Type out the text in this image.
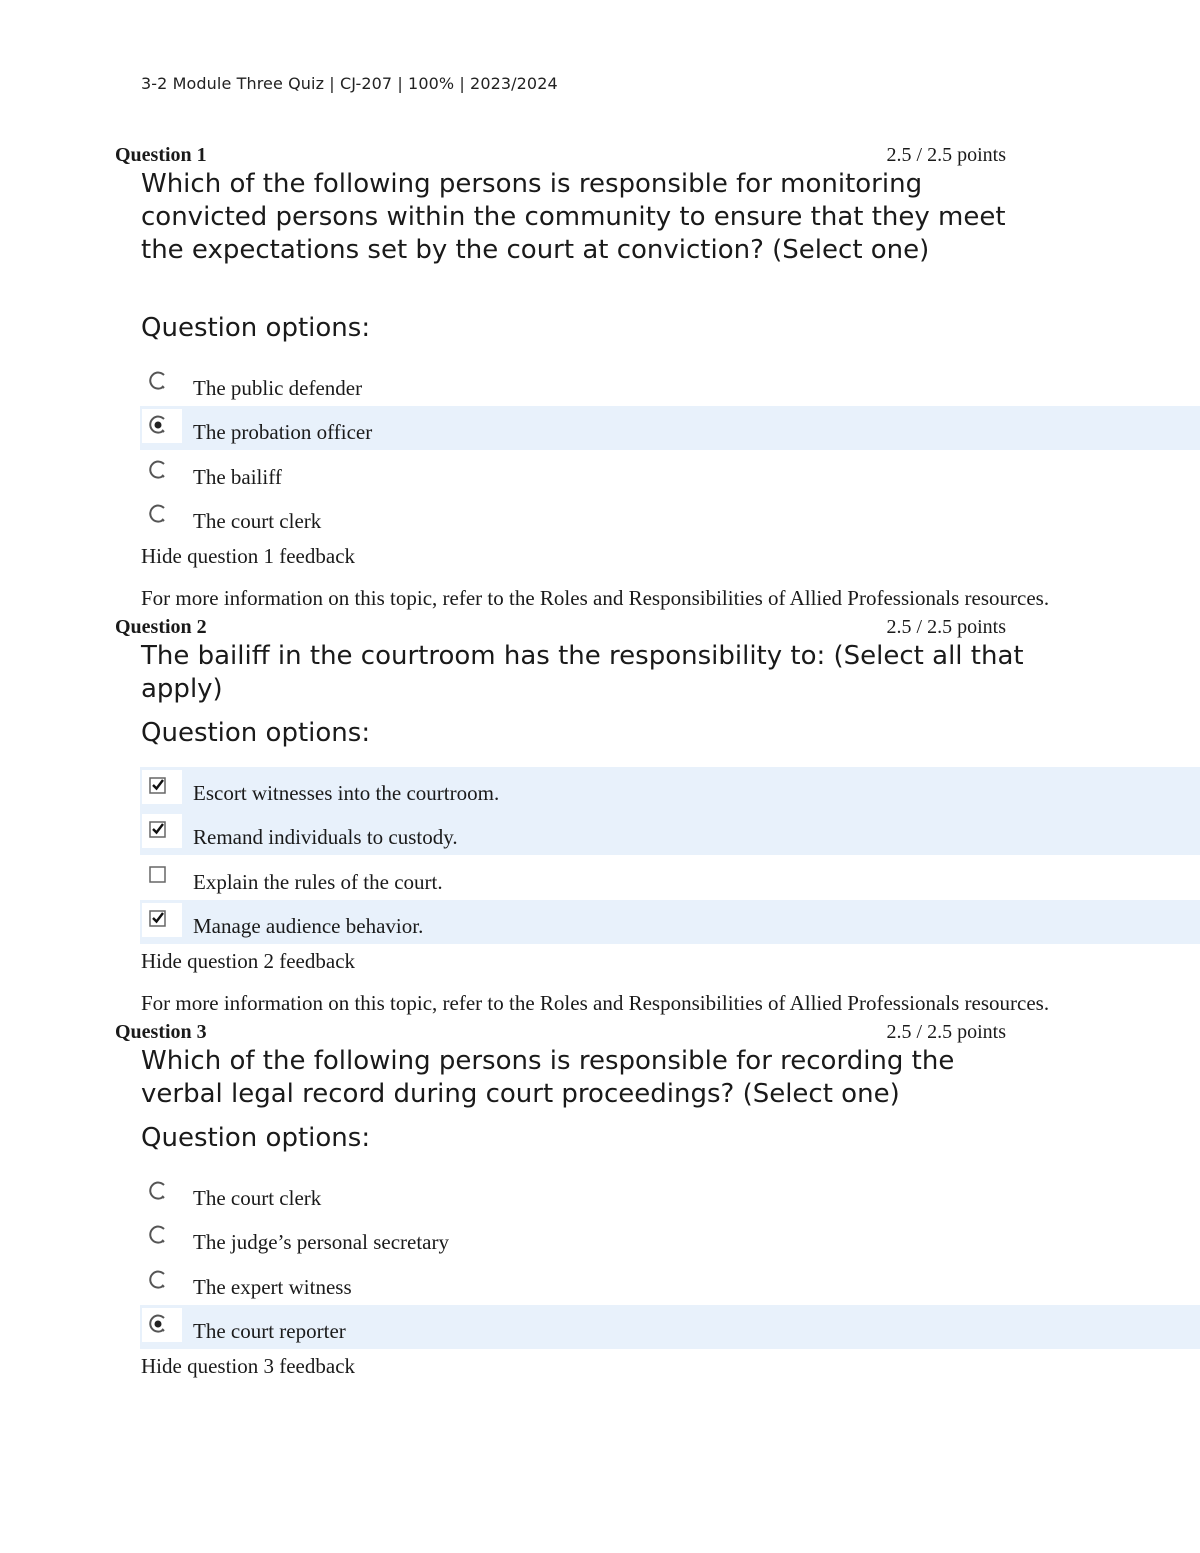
3-2 Module Three Quiz | CJ-207 | 100% | 2023/2024
Question 1	2.5 / 2.5 points
Which of the following persons is responsible for monitoring convicted persons within the community to ensure that they meet the expectations set by the court at conviction? (Select one)
Question options:
The public defender
The probation officer
The bailiff
The court clerk
Hide question 1 feedback
For more information on this topic, refer to the Roles and Responsibilities of Allied Professionals resources.
Question 2	2.5 / 2.5 points
The bailiff in the courtroom has the responsibility to: (Select all that apply)
Question options:
Escort witnesses into the courtroom.
Remand individuals to custody.
Explain the rules of the court.
Manage audience behavior.
Hide question 2 feedback
For more information on this topic, refer to the Roles and Responsibilities of Allied Professionals resources.
Question 3	2.5 / 2.5 points
Which of the following persons is responsible for recording the verbal legal record during court proceedings? (Select one)
Question options:
The court clerk
The judge’s personal secretary
The expert witness
The court reporter
Hide question 3 feedback
